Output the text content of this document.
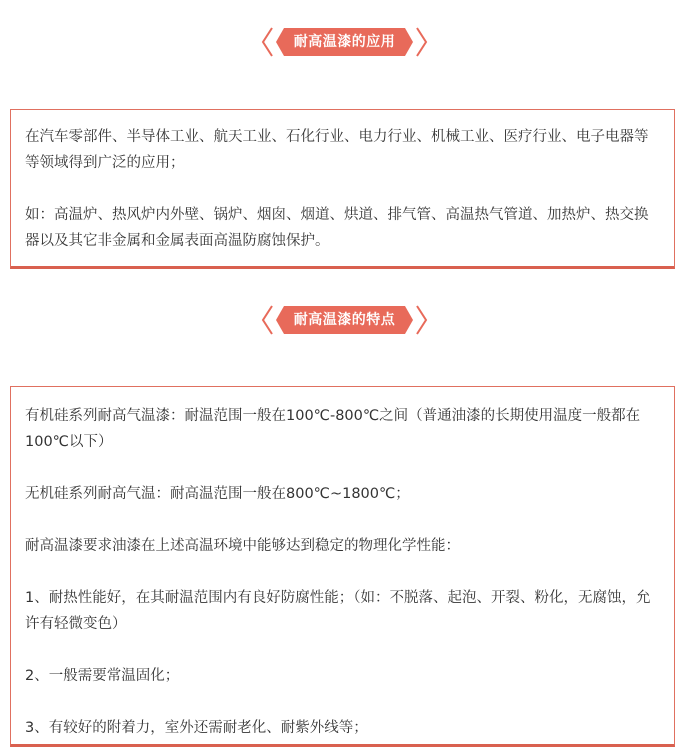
耐高温漆的应用

在汽车零部件、半导体工业、航天工业、石化行业、电力行业、机械工业、医疗行业、电子电器等等领域得到广泛的应用；

如：高温炉、热风炉内外壁、锅炉、烟囱、烟道、烘道、排气管、高温热气管道、加热炉、热交换器以及其它非金属和金属表面高温防腐蚀保护。

耐高温漆的特点

有机硅系列耐高气温漆：耐温范围一般在100℃-800℃之间（普通油漆的长期使用温度一般都在100℃以下）

无机硅系列耐高气温：耐高温范围一般在800℃~1800℃；

耐高温漆要求油漆在上述高温环境中能够达到稳定的物理化学性能：

1、耐热性能好，在其耐温范围内有良好防腐性能；（如：不脱落、起泡、开裂、粉化，无腐蚀，允许有轻微变色）

2、一般需要常温固化；

3、有较好的附着力，室外还需耐老化、耐紫外线等；
